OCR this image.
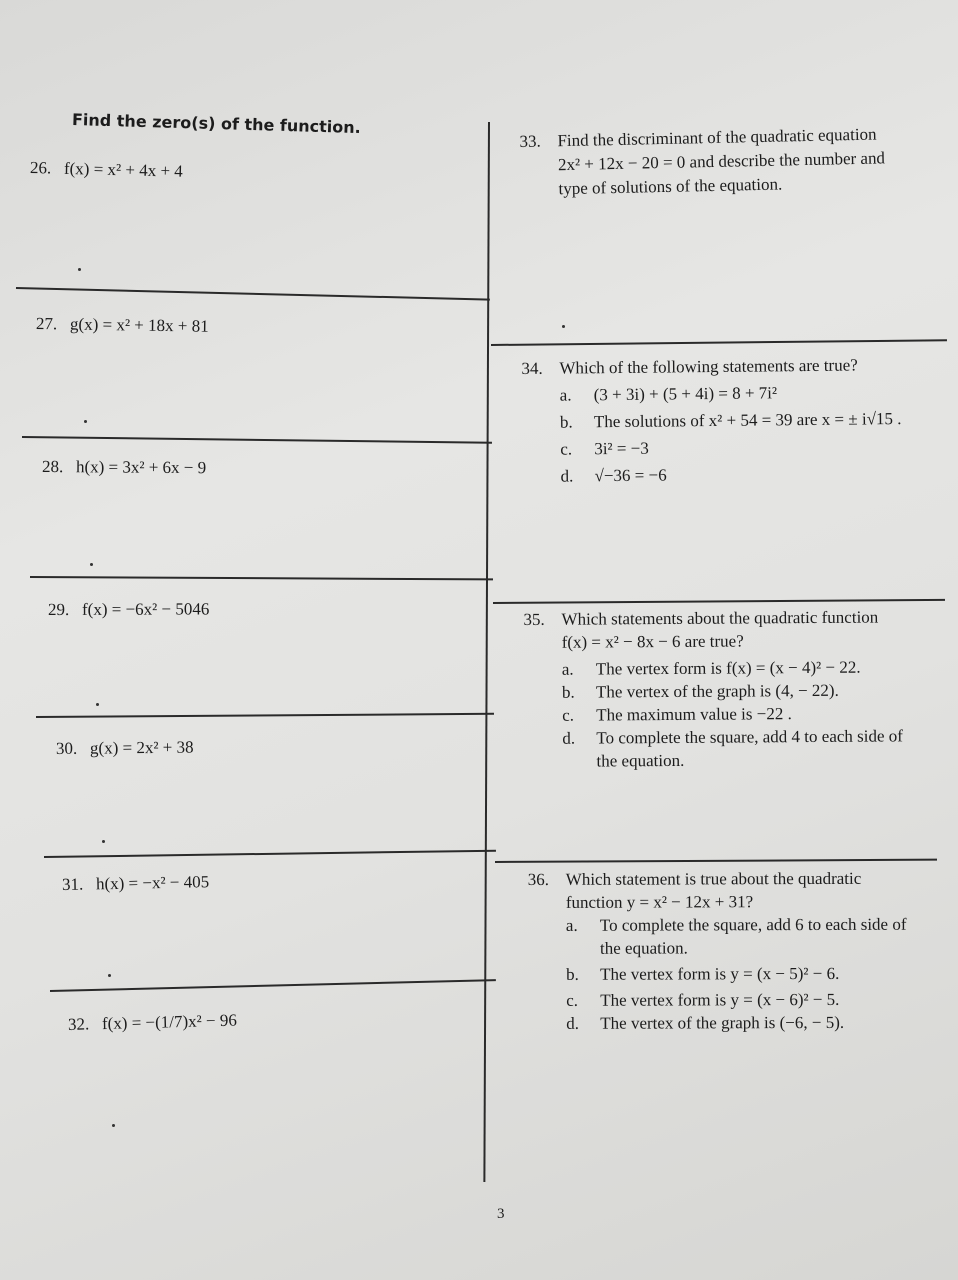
Find the zero(s) of the function.
26. f(x) = x² + 4x + 4
27. g(x) = x² + 18x + 81
28. h(x) = 3x² + 6x − 9
29. f(x) = −6x² − 5046
30. g(x) = 2x² + 38
31. h(x) = −x² − 405
32. f(x) = −(1/7)x² − 96
33. Find the discriminant of the quadratic equation
2x² + 12x − 20 = 0 and describe the number and
type of solutions of the equation.
34. Which of the following statements are true?
a. (3 + 3i) + (5 + 4i) = 8 + 7i²
b. The solutions of x² + 54 = 39 are x = ± i√15 .
c. 3i² = −3
d. √−36 = −6
35. Which statements about the quadratic function
f(x) = x² − 8x − 6 are true?
a. The vertex form is f(x) = (x − 4)² − 22.
b. The vertex of the graph is (4, − 22).
c. The maximum value is −22 .
d. To complete the square, add 4 to each side of
the equation.
36. Which statement is true about the quadratic
function y = x² − 12x + 31?
a. To complete the square, add 6 to each side of
the equation.
b. The vertex form is y = (x − 5)² − 6.
c. The vertex form is y = (x − 6)² − 5.
d. The vertex of the graph is (−6, − 5).
3
